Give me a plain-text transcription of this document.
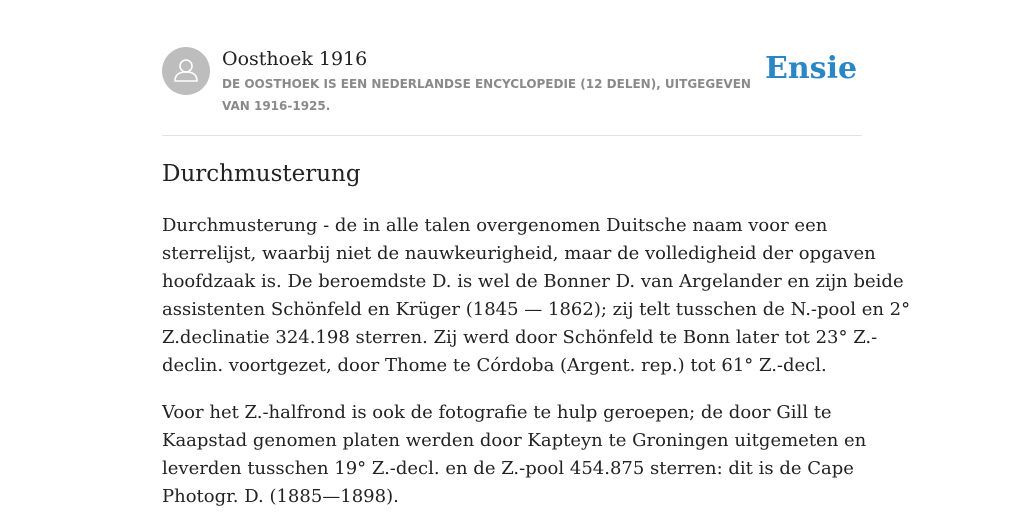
Oosthoek 1916
DE OOSTHOEK IS EEN NEDERLANDSE ENCYCLOPEDIE (12 DELEN), UITGEGEVEN VAN 1916-1925.
Ensie
Durchmusterung

Durchmusterung - de in alle talen overgenomen Duitsche naam voor een
sterrelijst, waarbij niet de nauwkeurigheid, maar de volledigheid der opgaven
hoofdzaak is. De beroemdste D. is wel de Bonner D. van Argelander en zijn beide
assistenten Schönfeld en Krüger (1845 — 1862); zij telt tusschen de N.-pool en 2°
Z.declinatie 324.198 sterren. Zij werd door Schönfeld te Bonn later tot 23° Z.-
declin. voortgezet, door Thome te Córdoba (Argent. rep.) tot 61° Z.-decl.

Voor het Z.-halfrond is ook de fotografie te hulp geroepen; de door Gill te
Kaapstad genomen platen werden door Kapteyn te Groningen uitgemeten en
leverden tusschen 19° Z.-decl. en de Z.-pool 454.875 sterren: dit is de Cape
Photogr. D. (1885—1898).
